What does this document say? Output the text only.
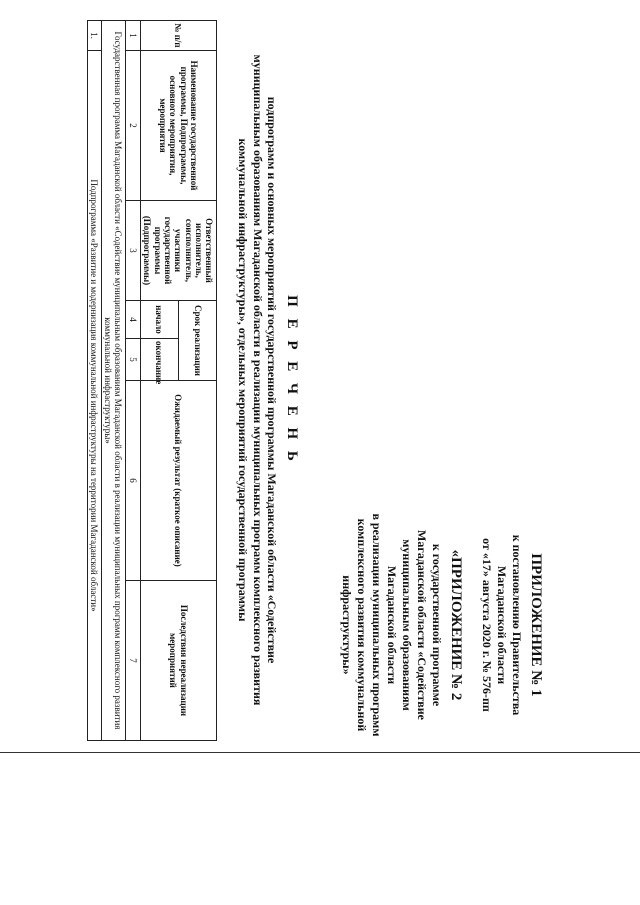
ПРИЛОЖЕНИЕ № 1
к постановлению Правительства
Магаданской области
от «17» августа 2020 г. № 576-пп
«ПРИЛОЖЕНИЕ № 2
к государственной программе
Магаданской области «Содействие
муниципальным образованиям
Магаданской области
в реализации муниципальных программ
комплексного развития коммунальной
инфраструктуры»
П Е Р Е Ч Е Н Ь
подпрограмм и основных мероприятий государственной программы Магаданской области «Содействие муниципальным образованиям Магаданской области в реализации муниципальных программ комплексного развития коммунальной инфраструктуры», отдельных мероприятий государственной программы
№ п/п	Наименование государственной программы, Подпрограммы, основного мероприятия, мероприятия	Ответственный исполнитель, соисполнитель, участники государственной программы (Подпрограммы)	Срок реализации		Ожидаемый результат (краткое описание)	Последствия нереализации мероприятий
			начало	окончание		
1	2	3	4	5	6	7
Государственная программа Магаданской области «Содействие муниципальным образованиям Магаданской области в реализации муниципальных программ комплексного развития коммунальной инфраструктуры»						
1.	Подпрограмма «Развитие и модернизация коммунальной инфраструктуры на территории Магаданской области»					
